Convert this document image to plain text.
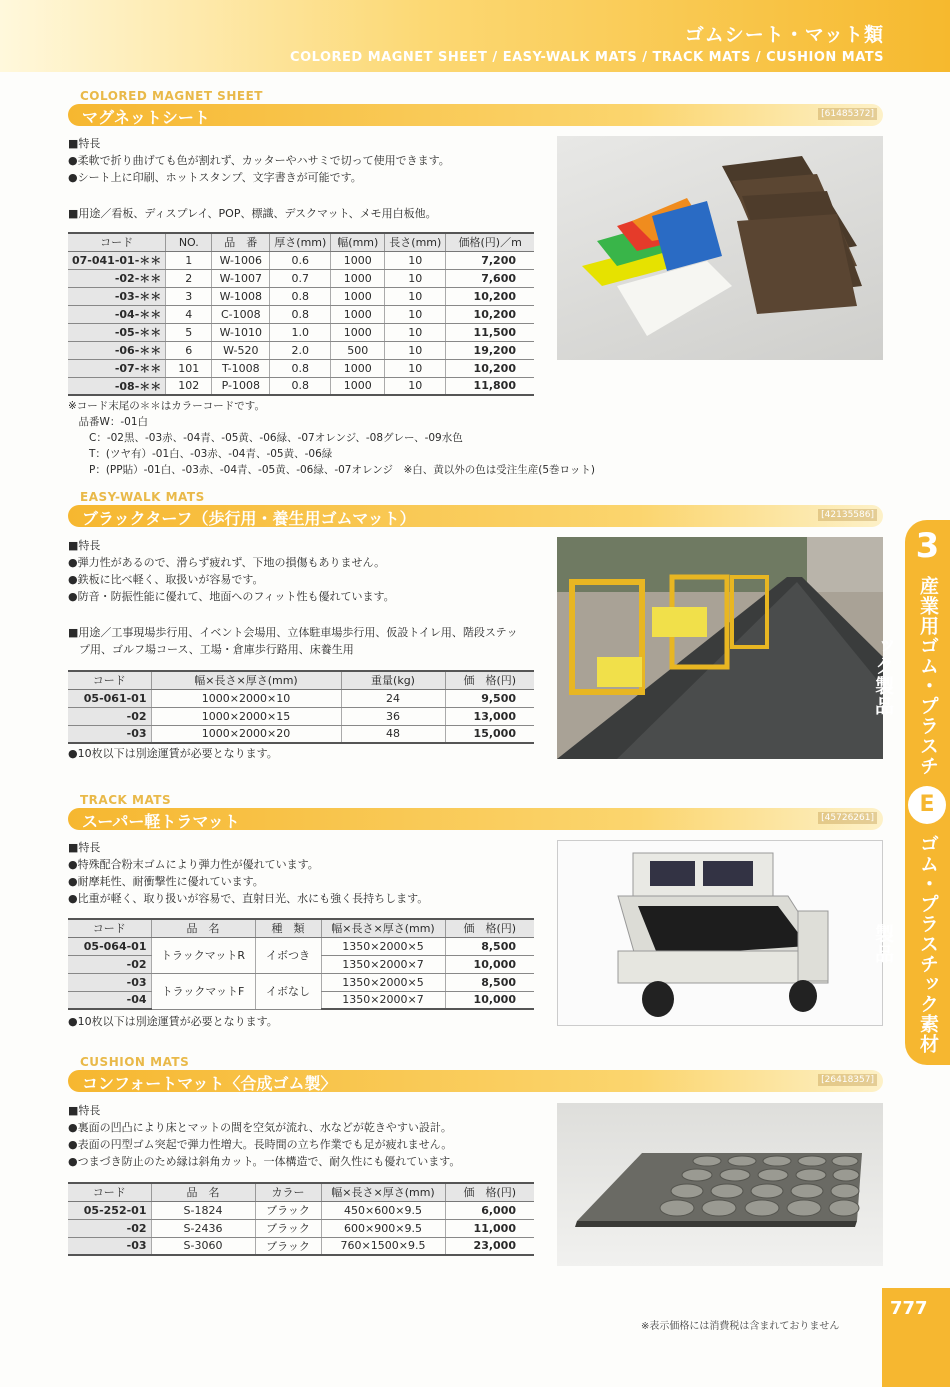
ゴムシート・マット類
COLORED MAGNET SHEET / EASY-WALK MATS / TRACK MATS / CUSHION MATS
COLORED MAGNET SHEET
マグネットシート	[61485372]
■特長
●柔軟で折り曲げても色が割れず、カッターやハサミで切って使用できます。
●シート上に印刷、ホットスタンプ、文字書きが可能です。
■用途／看板、ディスプレイ、POP、標識、デスクマット、メモ用白板他。
コード	NO.	品　番	厚さ(mm)	幅(mm)	長さ(mm)	価格(円)／m
07-041-01-＊＊	1	W-1006	0.6	1000	10	7,200
-02-＊＊	2	W-1007	0.7	1000	10	7,600
-03-＊＊	3	W-1008	0.8	1000	10	10,200
-04-＊＊	4	C-1008	0.8	1000	10	10,200
-05-＊＊	5	W-1010	1.0	1000	10	11,500
-06-＊＊	6	W-520	2.0	500	10	19,200
-07-＊＊	101	T-1008	0.8	1000	10	10,200
-08-＊＊	102	P-1008	0.8	1000	10	11,800
※コード末尾の＊＊はカラーコードです。
　品番W：-01白
　　C：-02黒、-03赤、-04青、-05黄、-06緑、-07オレンジ、-08グレー、-09水色
　　T：(ツヤ有）-01白、-03赤、-04青、-05黄、-06緑
　　P：(PP貼）-01白、-03赤、-04青、-05黄、-06緑、-07オレンジ　※白、黄以外の色は受注生産(5巻ロット)
EASY-WALK MATS
ブラックターフ（歩行用・養生用ゴムマット）	[42135586]
■特長
●弾力性があるので、滑らず疲れず、下地の損傷もありません。
●鉄板に比べ軽く、取扱いが容易です。
●防音・防振性能に優れて、地面へのフィット性も優れています。
■用途／工事現場歩行用、イベント会場用、立体駐車場歩行用、仮設トイレ用、階段ステッ
　プ用、ゴルフ場コース、工場・倉庫歩行路用、床養生用
コード	幅×長さ×厚さ(mm)	重量(kg)	価　格(円)
05-061-01	1000×2000×10	24	9,500
-02	1000×2000×15	36	13,000
-03	1000×2000×20	48	15,000
●10枚以下は別途運賃が必要となります。
TRACK MATS
スーパー軽トラマット	[45726261]
■特長
●特殊配合粉末ゴムにより弾力性が優れています。
●耐摩耗性、耐衝撃性に優れています。
●比重が軽く、取り扱いが容易で、直射日光、水にも強く長持ちします。
コード	品　名	種　類	幅×長さ×厚さ(mm)	価　格(円)
05-064-01	トラックマットR	イボつき	1350×2000×5	8,500
-02			1350×2000×7	10,000
-03	トラックマットF	イボなし	1350×2000×5	8,500
-04			1350×2000×7	10,000
●10枚以下は別途運賃が必要となります。
CUSHION MATS
コンフォートマット〈合成ゴム製〉	[26418357]
■特長
●裏面の凹凸により床とマットの間を空気が流れ、水などが乾きやすい設計。
●表面の円型ゴム突起で弾力性増大。長時間の立ち作業でも足が疲れません。
●つまづき防止のため縁は斜角カット。一体構造で、耐久性にも優れています。
コード	品　名	カラー	幅×長さ×厚さ(mm)	価　格(円)
05-252-01	S-1824	ブラック	450×600×9.5	6,000
-02	S-2436	ブラック	600×900×9.5	11,000
-03	S-3060	ブラック	760×1500×9.5	23,000
3
産業用ゴム・プラスチック製品
E
ゴム・プラスチック素材製品
777
※表示価格には消費税は含まれておりません
